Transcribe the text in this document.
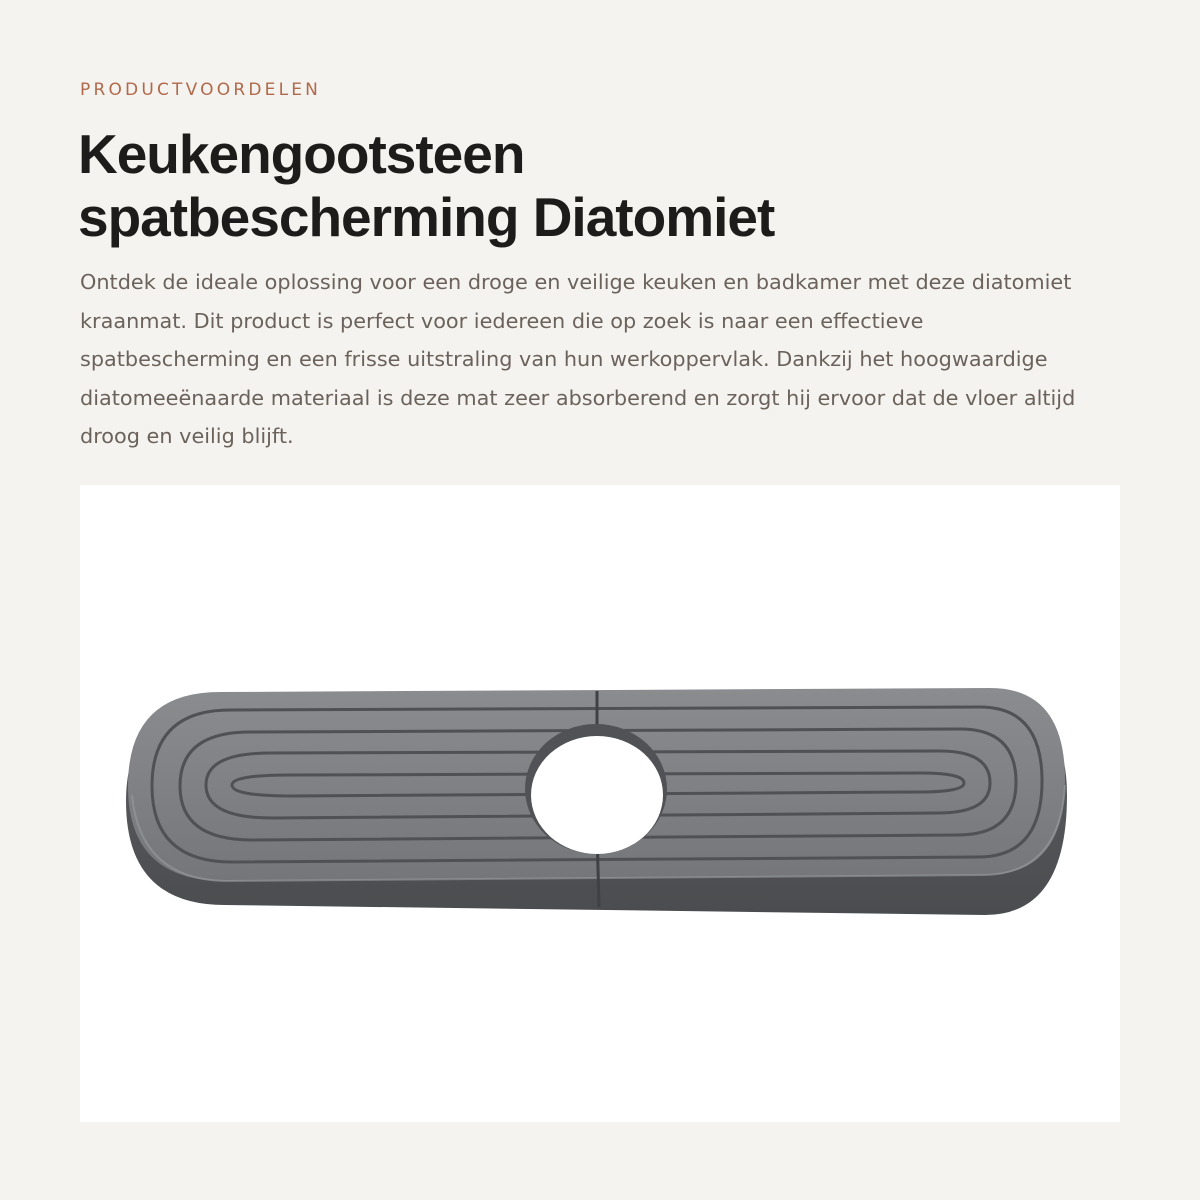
PRODUCTVOORDELEN

Keukengootsteen
spatbescherming Diatomiet

Ontdek de ideale oplossing voor een droge en veilige keuken en badkamer met deze diatomiet kraanmat. Dit product is perfect voor iedereen die op zoek is naar een effectieve spatbescherming en een frisse uitstraling van hun werkoppervlak. Dankzij het hoogwaardige diatomeeënaarde materiaal is deze mat zeer absorberend en zorgt hij ervoor dat de vloer altijd droog en veilig blijft.
